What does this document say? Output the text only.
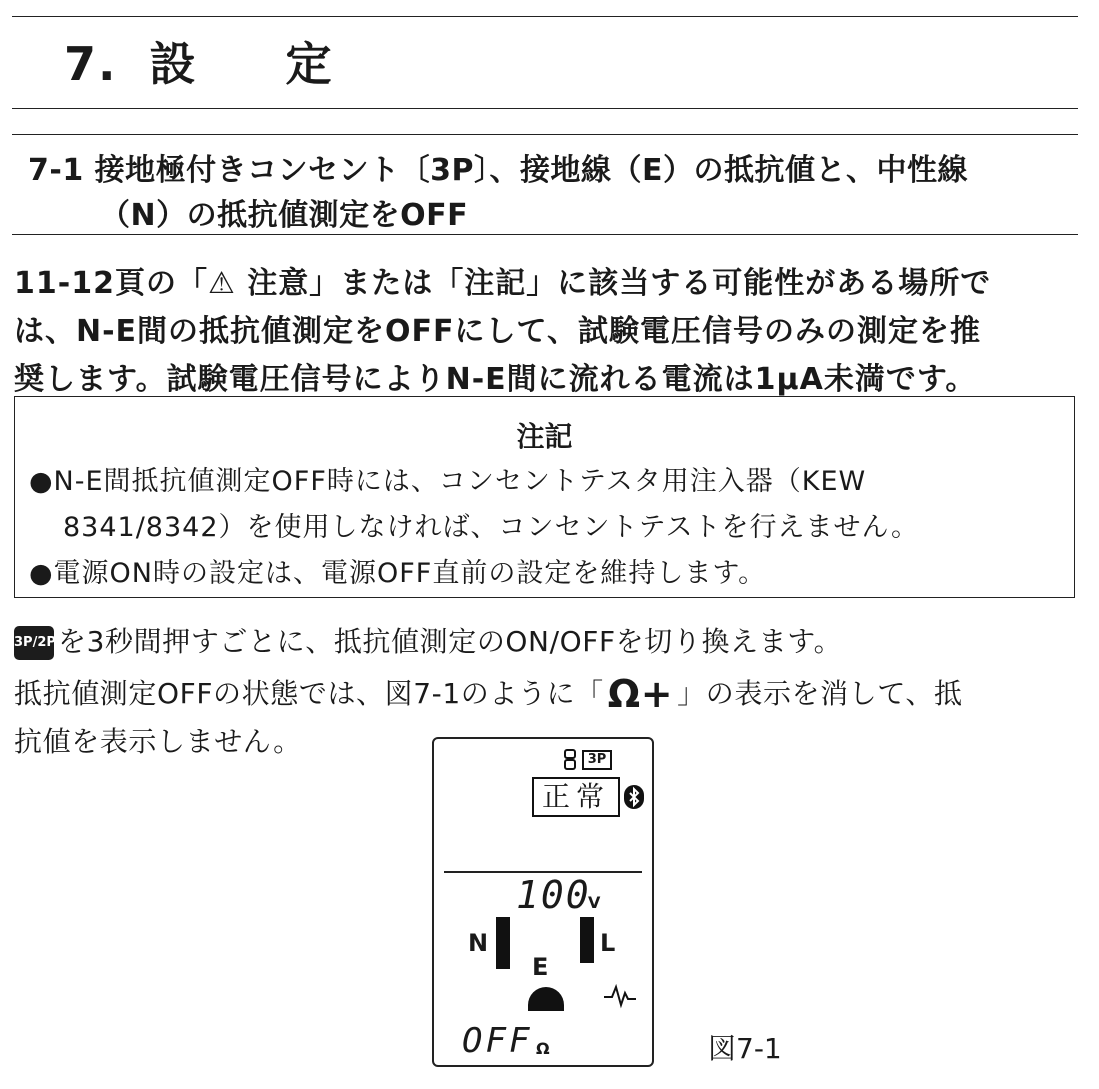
7. 設 定
7-1 接地極付きコンセント〔3P〕、接地線（E）の抵抗値と、中性線
（N）の抵抗値測定をOFF
11-12頁の「⚠ 注意」または「注記」に該当する可能性がある場所で
は、N-E間の抵抗値測定をOFFにして、試験電圧信号のみの測定を推
奨します。試験電圧信号によりN-E間に流れる電流は1μA未満です。
注記
●N-E間抵抗値測定OFF時には、コンセントテスタ用注入器（KEW
8341/8342）を使用しなければ、コンセントテストを行えません。
●電源ON時の設定は、電源OFF直前の設定を維持します。
3P/2Pを3秒間押すごとに、抵抗値測定のON/OFFを切り換えます。
抵抗値測定OFFの状態では、図7-1のように「 Ω+ 」の表示を消して、抵
抗値を表示しません。
3P
正常
100
V
N	L
E
OFF Ω	図7-1
